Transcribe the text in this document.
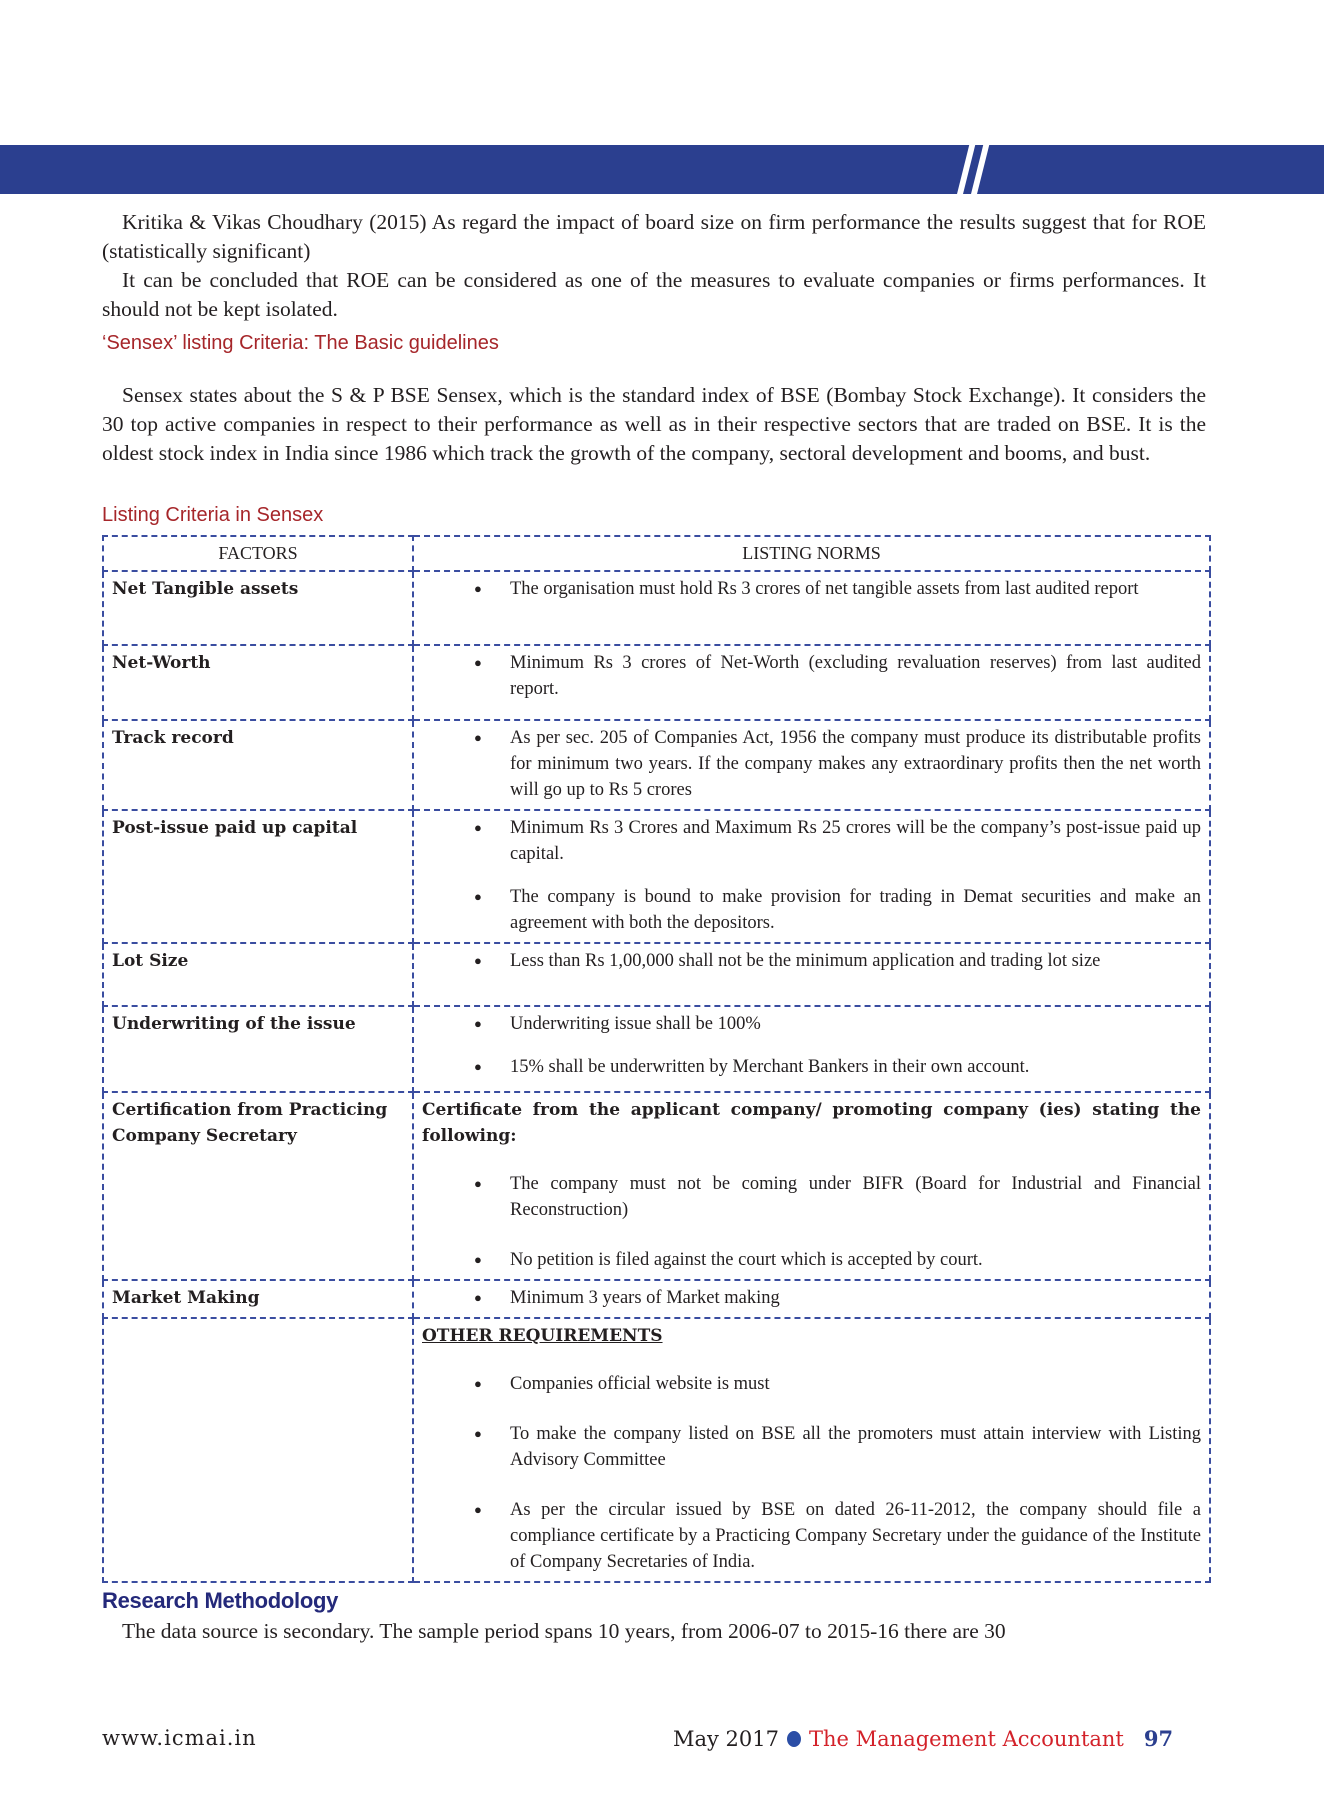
Kritika & Vikas Choudhary (2015) As regard the impact of board size on firm performance the results suggest that for ROE (statistically significant)

It can be concluded that ROE can be considered as one of the measures to evaluate companies or firms performances. It should not be kept isolated.

‘Sensex’ listing Criteria: The Basic guidelines

Sensex states about the S & P BSE Sensex, which is the standard index of BSE (Bombay Stock Exchange). It considers the 30 top active companies in respect to their performance as well as in their respective sectors that are traded on BSE. It is the oldest stock index in India since 1986 which track the growth of the company, sectoral development and booms, and bust.

Listing Criteria in Sensex
FACTORS	LISTING NORMS
Net Tangible assets	
●The organisation must hold Rs 3 crores of net tangible assets from last audited report

Net-Worth	
●Minimum Rs 3 crores of Net-Worth (excluding revaluation reserves) from last audited report.

Track record	
●As per sec. 205 of Companies Act, 1956 the company must produce its distributable profits for minimum two years. If the company makes any extraordinary profits then the net worth will go up to Rs 5 crores

Post-issue paid up capital	
●Minimum Rs 3 Crores and Maximum Rs 25 crores will be the company’s post-issue paid up capital.
● The company is bound to make provision for trading in Demat securities and make an agreement with both the depositors.

Lot Size	
●Less than Rs 1,00,000 shall not be the minimum application and trading lot size

Underwriting of the issue	
●Underwriting issue shall be 100%
● 15% shall be underwritten by Merchant Bankers in their own account.

Certification from Practicing Company Secretary	
Certificate from the applicant company/ promoting company (ies) stating the following:
● The company must not be coming under BIFR (Board for Industrial and Financial Reconstruction)
● No petition is filed against the court which is accepted by court.

Market Making	
●Minimum 3 years of Market making

OTHER REQUIREMENTS
● Companies official website is must
● To make the company listed on BSE all the promoters must attain interview with Listing Advisory Committee
● As per the circular issued by BSE on dated 26-11-2012, the company should file a compliance certificate by a Practicing Company Secretary under the guidance of the Institute of Company Secretaries of India.
Research Methodology

The data source is secondary. The sample period spans 10 years, from 2006-07 to 2015-16 there are 30

www.icmai.in	May 2017 The Management Accountant 97
